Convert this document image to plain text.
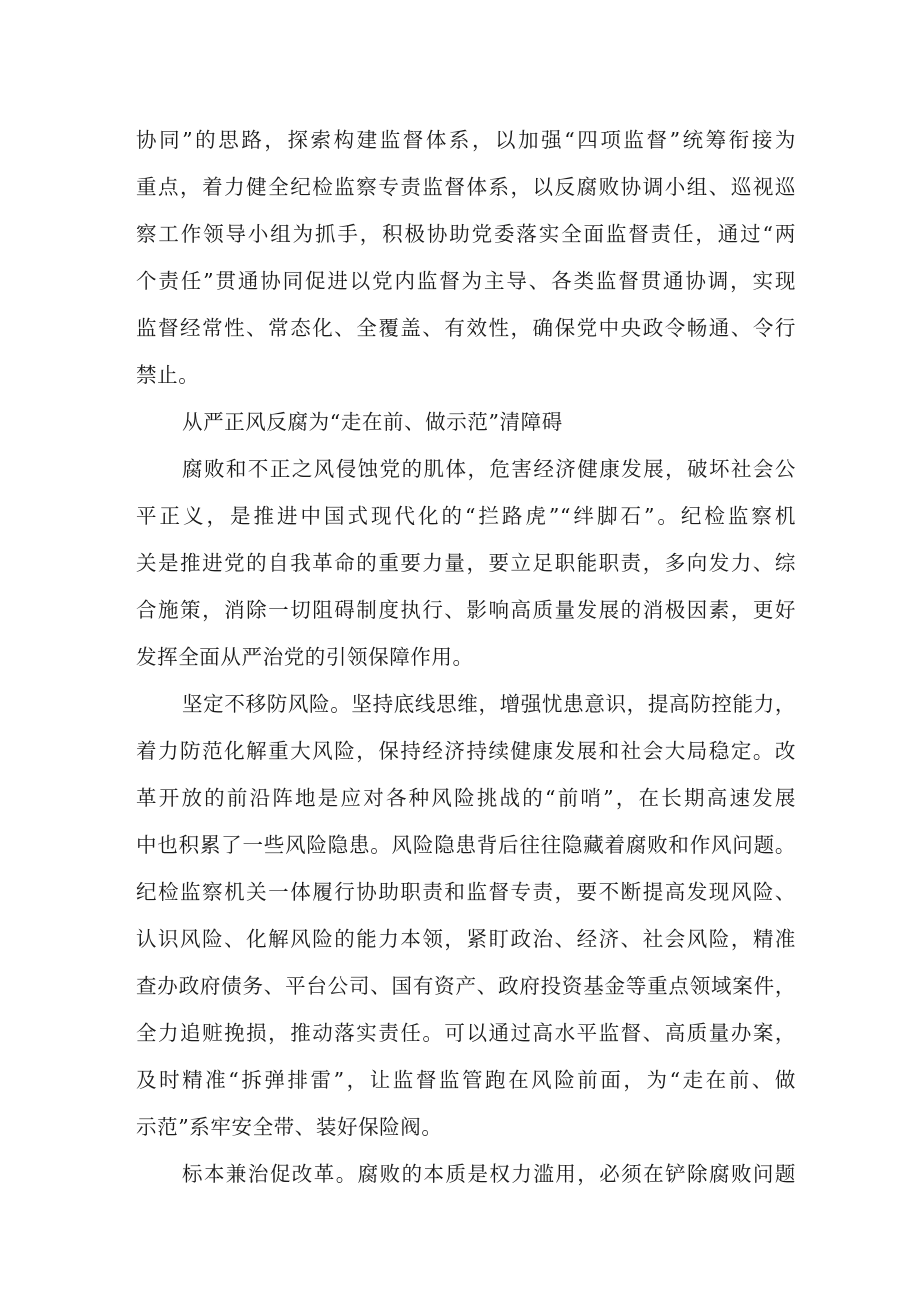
协同”的思路，探索构建监督体系，以加强“四项监督”统筹衔接为
重点，着力健全纪检监察专责监督体系，以反腐败协调小组、巡视巡
察工作领导小组为抓手，积极协助党委落实全面监督责任，通过“两
个责任”贯通协同促进以党内监督为主导、各类监督贯通协调，实现
监督经常性、常态化、全覆盖、有效性，确保党中央政令畅通、令行
禁止。
从严正风反腐为“走在前、做示范”清障碍
腐败和不正之风侵蚀党的肌体，危害经济健康发展，破坏社会公
平正义，是推进中国式现代化的“拦路虎”“绊脚石”。纪检监察机
关是推进党的自我革命的重要力量，要立足职能职责，多向发力、综
合施策，消除一切阻碍制度执行、影响高质量发展的消极因素，更好
发挥全面从严治党的引领保障作用。
坚定不移防风险。坚持底线思维，增强忧患意识，提高防控能力，
着力防范化解重大风险，保持经济持续健康发展和社会大局稳定。改
革开放的前沿阵地是应对各种风险挑战的“前哨”，在长期高速发展
中也积累了一些风险隐患。风险隐患背后往往隐藏着腐败和作风问题。
纪检监察机关一体履行协助职责和监督专责，要不断提高发现风险、
认识风险、化解风险的能力本领，紧盯政治、经济、社会风险，精准
查办政府债务、平台公司、国有资产、政府投资基金等重点领域案件，
全力追赃挽损，推动落实责任。可以通过高水平监督、高质量办案，
及时精准“拆弹排雷”，让监督监管跑在风险前面，为“走在前、做
示范”系牢安全带、装好保险阀。
标本兼治促改革。腐败的本质是权力滥用，必须在铲除腐败问题
